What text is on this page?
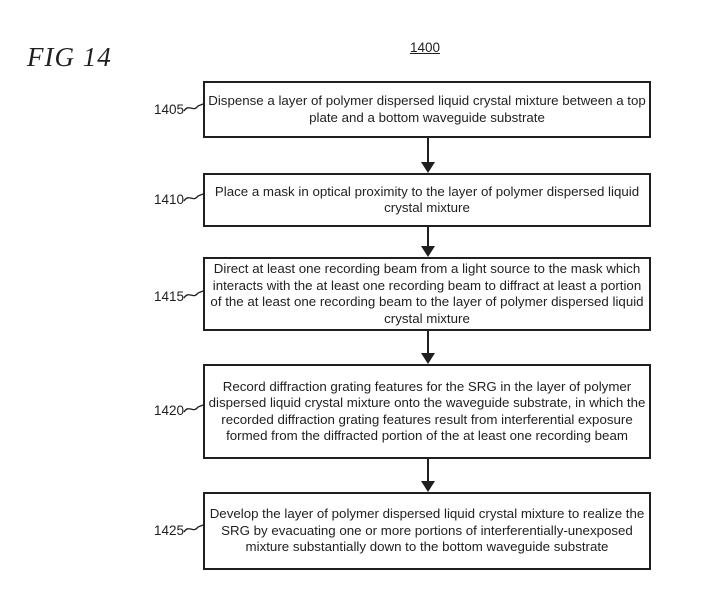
FIG 14	1400
1405
Dispense a layer of polymer dispersed liquid crystal mixture between a top plate and a bottom waveguide substrate
1410
Place a mask in optical proximity to the layer of polymer dispersed liquid crystal mixture
1415
Direct at least one recording beam from a light source to the mask which interacts with the at least one recording beam to diffract at least a portion of the at least one recording beam to the layer of polymer dispersed liquid crystal mixture
1420
Record diffraction grating features for the SRG in the layer of polymer dispersed liquid crystal mixture onto the waveguide substrate, in which the recorded diffraction grating features result from interferential exposure formed from the diffracted portion of the at least one recording beam
1425
Develop the layer of polymer dispersed liquid crystal mixture to realize the SRG by evacuating one or more portions of interferentially-unexposed mixture substantially down to the bottom waveguide substrate
